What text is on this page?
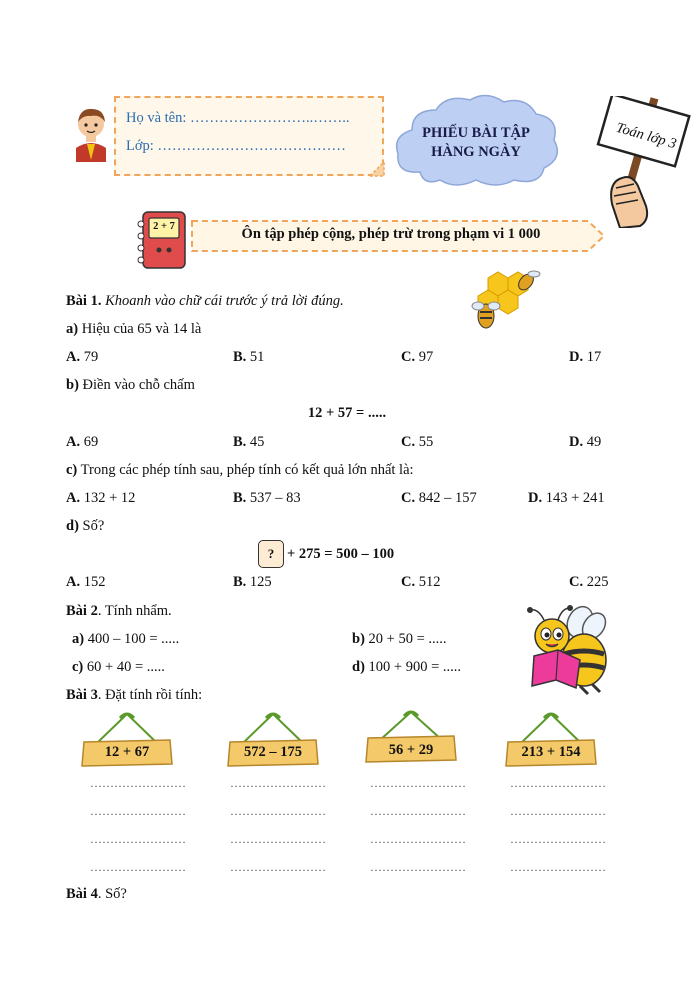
Họ và tên: ……………………..……..
Lớp: …………………………………
PHIẾU BÀI TẬP
HÀNG NGÀY	Toán lớp 3
2 + 7	Ôn tập phép cộng, phép trừ trong phạm vi 1 000
Bài 1. Khoanh vào chữ cái trước ý trả lời đúng.
a) Hiệu của 65 và 14 là
A. 79	B. 51	C. 97	D. 17
b) Điền vào chỗ chấm
12 + 57 = .....
A. 69	B. 45	C. 55	D. 49
c) Trong các phép tính sau, phép tính có kết quả lớn nhất là:
A. 132 + 12	B. 537 – 83	C. 842 – 157	D. 143 + 241
d) Số?
? + 275 = 500 – 100
A. 152	B. 125	C. 512	C. 225
Bài 2. Tính nhẩm.
a) 400 – 100 = .....	b) 20 + 50 = .....
c) 60 + 40 = .....	d) 100 + 900 = .....
Bài 3. Đặt tính rồi tính:
12 + 67	572 – 175	56 + 29	213 + 154
……………………	……………………	……………………	……………………
……………………	……………………	……………………	……………………
……………………	……………………	……………………	……………………
……………………	……………………	……………………	……………………
Bài 4. Số?
